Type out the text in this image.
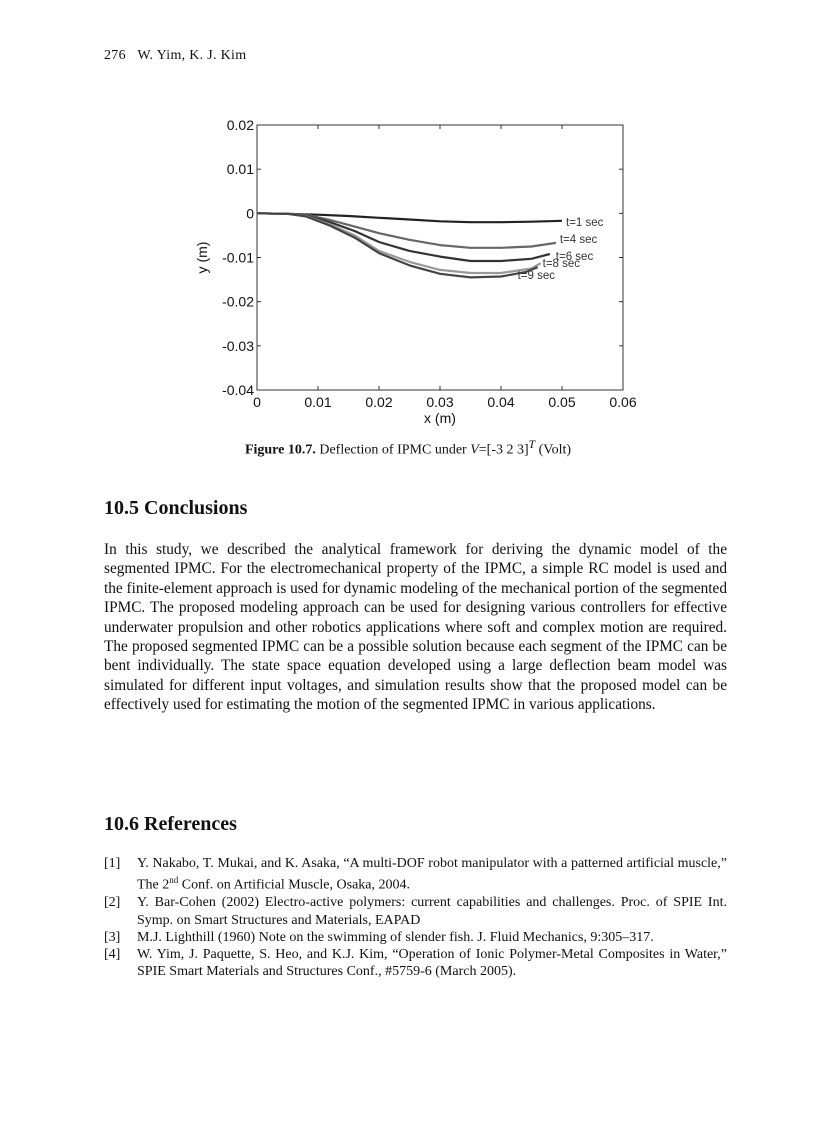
276 W. Yim, K. J. Kim
0	0.01 0.02 0.03 0.04 0.05 0.06
0.02
0.01
0
-0.01
-0.02
-0.03
-0.04
x (m)
y (m)
t=1 sec
t=4 sec
t=6 sec
t=8 sec
t=9 sec
Figure 10.7. Deflection of IPMC under V=[-3 2 3]$^T$ (Volt)
10.5 Conclusions

In this study, we described the analytical framework for deriving the dynamic model of the segmented IPMC. For the electromechanical property of the IPMC, a simple RC model is used and the finite-element approach is used for dynamic modeling of the mechanical portion of the segmented IPMC. The proposed modeling approach can be used for designing various controllers for effective underwater propulsion and other robotics applications where soft and complex motion are required. The proposed segmented IPMC can be a possible solution because each segment of the IPMC can be bent individually. The state space equation developed using a large deflection beam model was simulated for different input voltages, and simulation results show that the proposed model can be effectively used for estimating the motion of the segmented IPMC in various applications.

10.6 References
[1]	Y. Nakabo, T. Mukai, and K. Asaka, “A multi-DOF robot manipulator with a patterned artificial muscle,” The 2nd Conf. on Artificial Muscle, Osaka, 2004.
[2]	Y. Bar-Cohen (2002) Electro-active polymers: current capabilities and challenges. Proc. of SPIE Int. Symp. on Smart Structures and Materials, EAPAD
[3]	M.J. Lighthill (1960) Note on the swimming of slender fish. J. Fluid Mechanics, 9:305–317.
[4]	W. Yim, J. Paquette, S. Heo, and K.J. Kim, “Operation of Ionic Polymer-Metal Composites in Water,” SPIE Smart Materials and Structures Conf., #5759-6 (March 2005).
